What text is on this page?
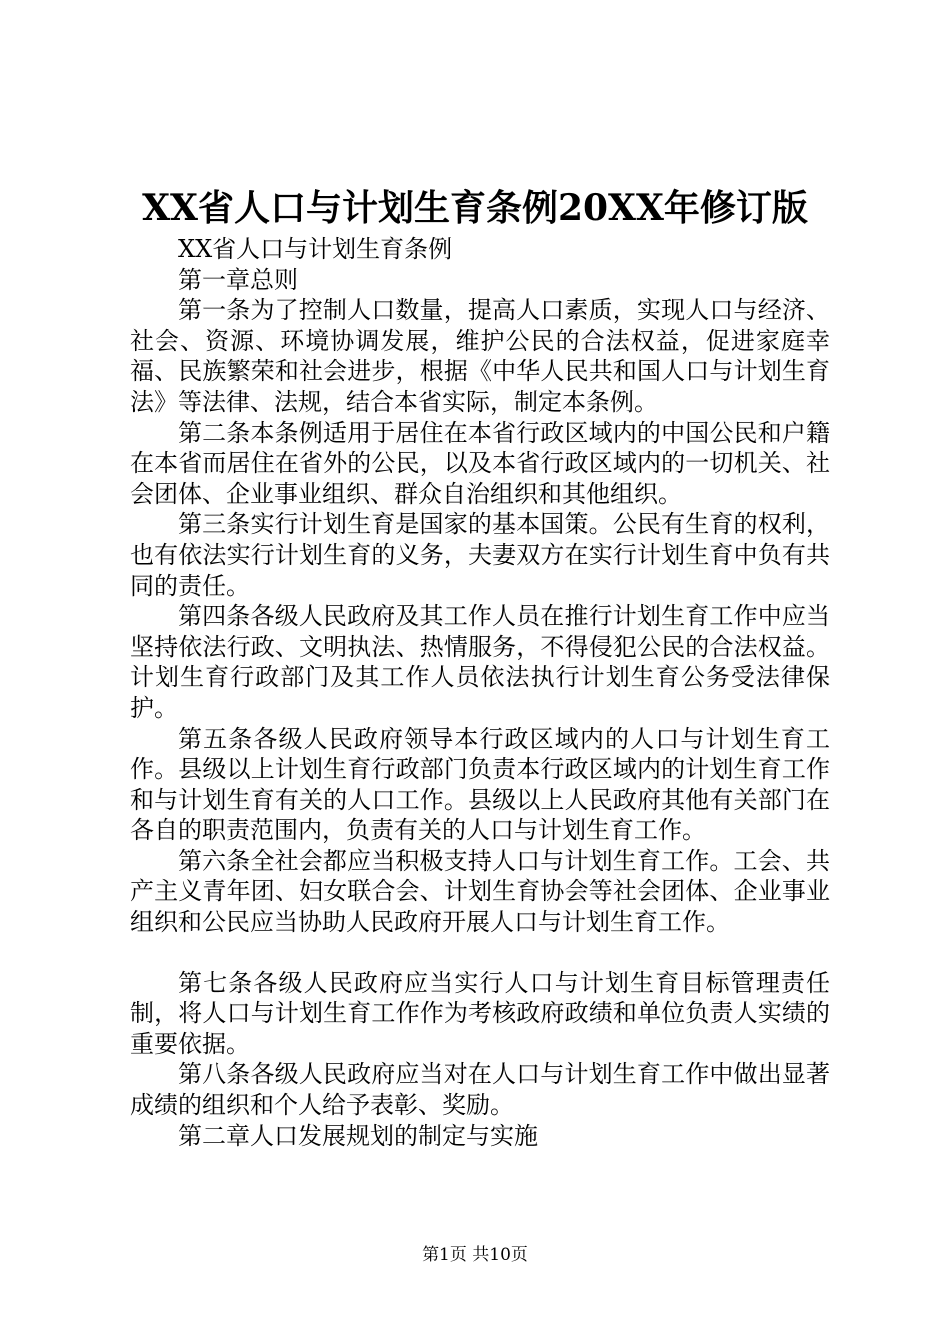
XX省人口与计划生育条例20XX年修订版

XX省人口与计划生育条例

第一章总则

第一条为了控制人口数量，提高人口素质，实现人口与经济、社会、资源、环境协调发展，维护公民的合法权益，促进家庭幸福、民族繁荣和社会进步，根据《中华人民共和国人口与计划生育法》等法律、法规，结合本省实际，制定本条例。

第二条本条例适用于居住在本省行政区域内的中国公民和户籍在本省而居住在省外的公民，以及本省行政区域内的一切机关、社会团体、企业事业组织、群众自治组织和其他组织。

第三条实行计划生育是国家的基本国策。公民有生育的权利，也有依法实行计划生育的义务，夫妻双方在实行计划生育中负有共同的责任。

第四条各级人民政府及其工作人员在推行计划生育工作中应当坚持依法行政、文明执法、热情服务，不得侵犯公民的合法权益。计划生育行政部门及其工作人员依法执行计划生育公务受法律保护。

第五条各级人民政府领导本行政区域内的人口与计划生育工作。县级以上计划生育行政部门负责本行政区域内的计划生育工作和与计划生育有关的人口工作。县级以上人民政府其他有关部门在各自的职责范围内，负责有关的人口与计划生育工作。

第六条全社会都应当积极支持人口与计划生育工作。工会、共产主义青年团、妇女联合会、计划生育协会等社会团体、企业事业组织和公民应当协助人民政府开展人口与计划生育工作。

第七条各级人民政府应当实行人口与计划生育目标管理责任制，将人口与计划生育工作作为考核政府政绩和单位负责人实绩的重要依据。

第八条各级人民政府应当对在人口与计划生育工作中做出显著成绩的组织和个人给予表彰、奖励。

第二章人口发展规划的制定与实施

第1页 共10页
